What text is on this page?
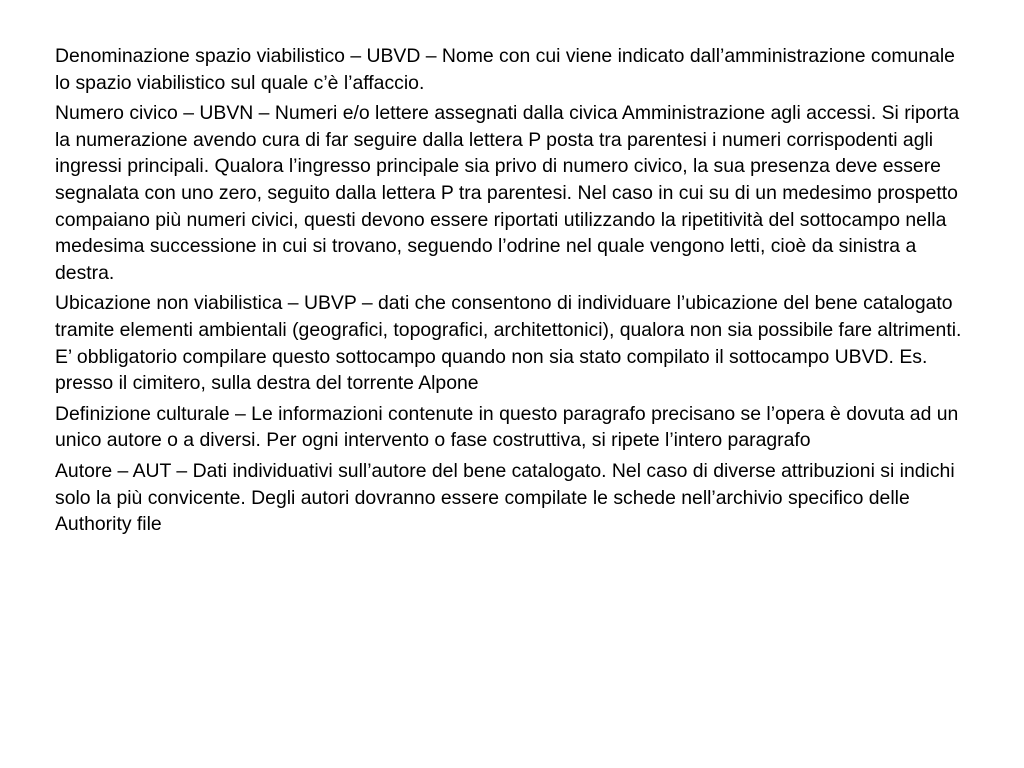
Denominazione spazio viabilistico – UBVD – Nome con cui viene indicato dall’amministrazione comunale lo spazio viabilistico sul quale c’è l’affaccio.

Numero civico – UBVN – Numeri e/o lettere assegnati dalla civica Amministrazione agli accessi. Si riporta la numerazione avendo cura di far seguire dalla lettera P posta tra parentesi i numeri corrispodenti agli ingressi principali. Qualora l’ingresso principale sia privo di numero civico, la sua presenza deve essere segnalata con uno zero, seguito dalla lettera P tra parentesi. Nel caso in cui su di un medesimo prospetto compaiano più numeri civici, questi devono essere riportati utilizzando la ripetitività del sottocampo nella medesima successione in cui si trovano, seguendo l’odrine nel quale vengono letti, cioè da sinistra a destra.

Ubicazione non viabilistica – UBVP – dati che consentono di individuare l’ubicazione del bene catalogato tramite elementi ambientali (geografici, topografici, architettonici), qualora non sia possibile fare altrimenti. E’ obbligatorio compilare questo sottocampo quando non sia stato compilato il sottocampo UBVD. Es. presso il cimitero, sulla destra del torrente Alpone

Definizione culturale – Le informazioni contenute in questo paragrafo precisano se l’opera è dovuta ad un unico autore o a diversi. Per ogni intervento o fase costruttiva, si ripete l’intero paragrafo

Autore – AUT – Dati individuativi sull’autore del bene catalogato. Nel caso di diverse attribuzioni si indichi solo la più convicente. Degli autori dovranno essere compilate le schede nell’archivio specifico delle Authority file
